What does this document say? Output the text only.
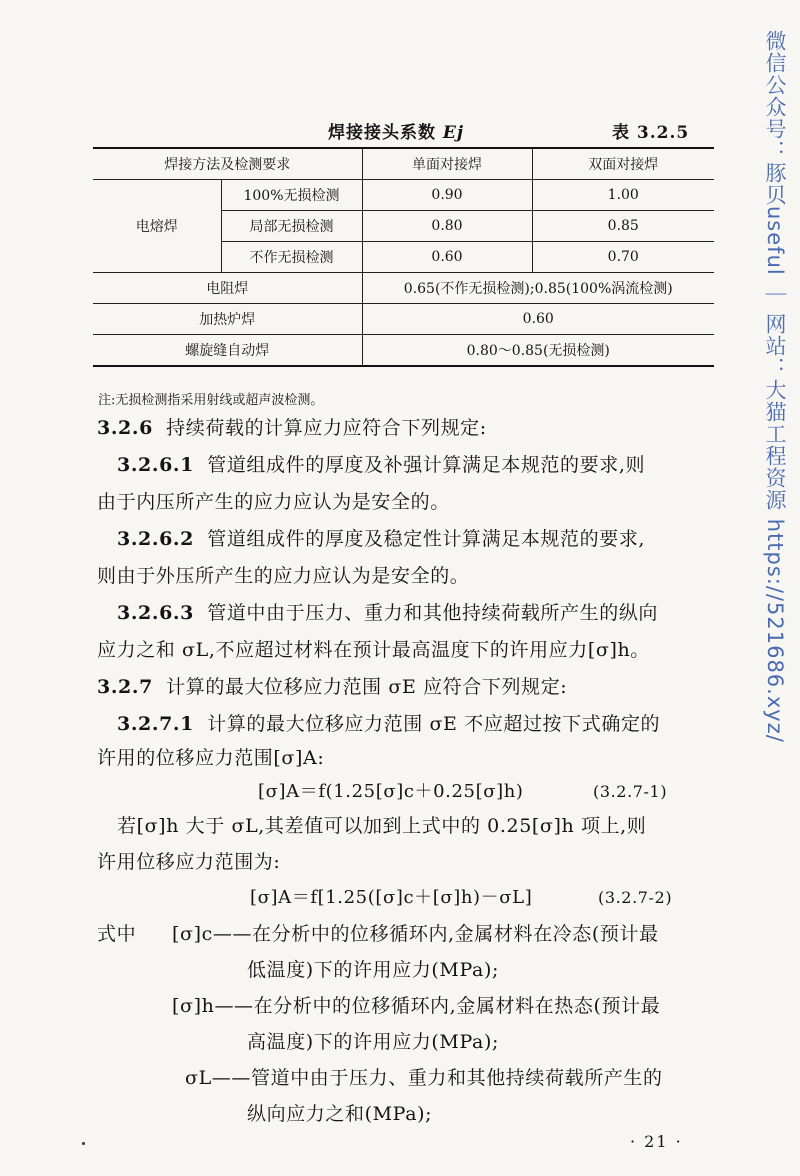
焊接接头系数 Ej	表 3.2.5
焊接方法及检测要求		单面对接焊	双面对接焊
电熔焊	100%无损检测	0.90	1.00
	局部无损检测	0.80	0.85
	不作无损检测	0.60	0.70
电阻焊		0.65(不作无损检测);0.85(100%涡流检测)	
加热炉焊		0.60	
螺旋缝自动焊		0.80～0.85(无损检测)	
注:无损检测指采用射线或超声波检测。
3.2.6 持续荷载的计算应力应符合下列规定:
3.2.6.1 管道组成件的厚度及补强计算满足本规范的要求,则
由于内压所产生的应力应认为是安全的。
3.2.6.2 管道组成件的厚度及稳定性计算满足本规范的要求,
则由于外压所产生的应力应认为是安全的。
3.2.6.3 管道中由于压力、重力和其他持续荷载所产生的纵向
应力之和 σL,不应超过材料在预计最高温度下的许用应力[σ]h。
3.2.7 计算的最大位移应力范围 σE 应符合下列规定:
3.2.7.1 计算的最大位移应力范围 σE 不应超过按下式确定的
许用的位移应力范围[σ]A:
[σ]A＝f(1.25[σ]c＋0.25[σ]h)	(3.2.7-1)
若[σ]h 大于 σL,其差值可以加到上式中的 0.25[σ]h 项上,则
许用位移应力范围为:
[σ]A＝f[1.25([σ]c＋[σ]h)－σL]	(3.2.7-2)
式中 [σ]c——在分析中的位移循环内,金属材料在冷态(预计最
低温度)下的许用应力(MPa);
[σ]h——在分析中的位移循环内,金属材料在热态(预计最
高温度)下的许用应力(MPa);
σL——管道中由于压力、重力和其他持续荷载所产生的
纵向应力之和(MPa);
· 21 ·
微信公众号：豚贝useful ｜ 网站：大猫工程资源 https://521686.xyz/
